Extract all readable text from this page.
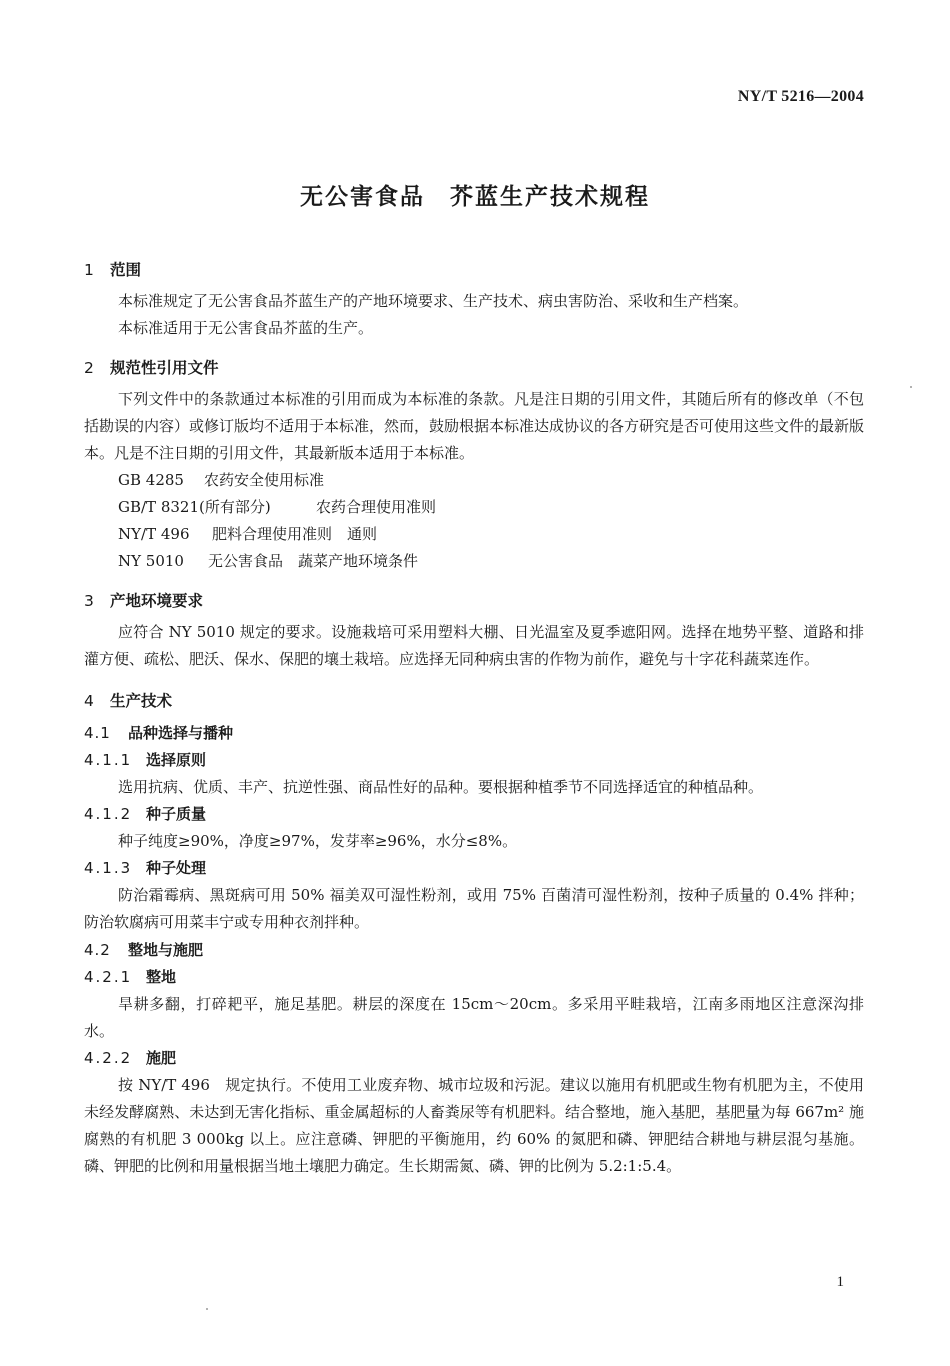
NY/T 5216—2004
无公害食品　芥蓝生产技术规程
1 范围

本标准规定了无公害食品芥蓝生产的产地环境要求、生产技术、病虫害防治、采收和生产档案。

本标准适用于无公害食品芥蓝的生产。

2 规范性引用文件

下列文件中的条款通过本标准的引用而成为本标准的条款。凡是注日期的引用文件，其随后所有的修改单（不包括勘误的内容）或修订版均不适用于本标准，然而，鼓励根据本标准达成协议的各方研究是否可使用这些文件的最新版本。凡是不注日期的引用文件，其最新版本适用于本标准。

GB 4285 农药安全使用标准
GB/T 8321(所有部分)	农药合理使用准则
NY/T 496 肥料合理使用准则　通则
NY 5010 无公害食品　蔬菜产地环境条件
3 产地环境要求

应符合 NY 5010 规定的要求。设施栽培可采用塑料大棚、日光温室及夏季遮阳网。选择在地势平整、道路和排灌方便、疏松、肥沃、保水、保肥的壤土栽培。应选择无同种病虫害的作物为前作，避免与十字花科蔬菜连作。

4 生产技术
4.1 品种选择与播种
4.1.1 选择原则

选用抗病、优质、丰产、抗逆性强、商品性好的品种。要根据种植季节不同选择适宜的种植品种。

4.1.2 种子质量

种子纯度≥90%，净度≥97%，发芽率≥96%，水分≤8%。

4.1.3 种子处理

防治霜霉病、黑斑病可用 50% 福美双可湿性粉剂，或用 75% 百菌清可湿性粉剂，按种子质量的 0.4% 拌种；防治软腐病可用菜丰宁或专用种衣剂拌种。

4.2 整地与施肥
4.2.1 整地

旱耕多翻，打碎耙平，施足基肥。耕层的深度在 15cm～20cm。多采用平畦栽培，江南多雨地区注意深沟排水。

4.2.2 施肥

按 NY/T 496　规定执行。不使用工业废弃物、城市垃圾和污泥。建议以施用有机肥或生物有机肥为主，不使用未经发酵腐熟、未达到无害化指标、重金属超标的人畜粪尿等有机肥料。结合整地，施入基肥，基肥量为每 667m² 施腐熟的有机肥 3 000kg 以上。应注意磷、钾肥的平衡施用，约 60% 的氮肥和磷、钾肥结合耕地与耕层混匀基施。磷、钾肥的比例和用量根据当地土壤肥力确定。生长期需氮、磷、钾的比例为 5.2:1:5.4。

1
